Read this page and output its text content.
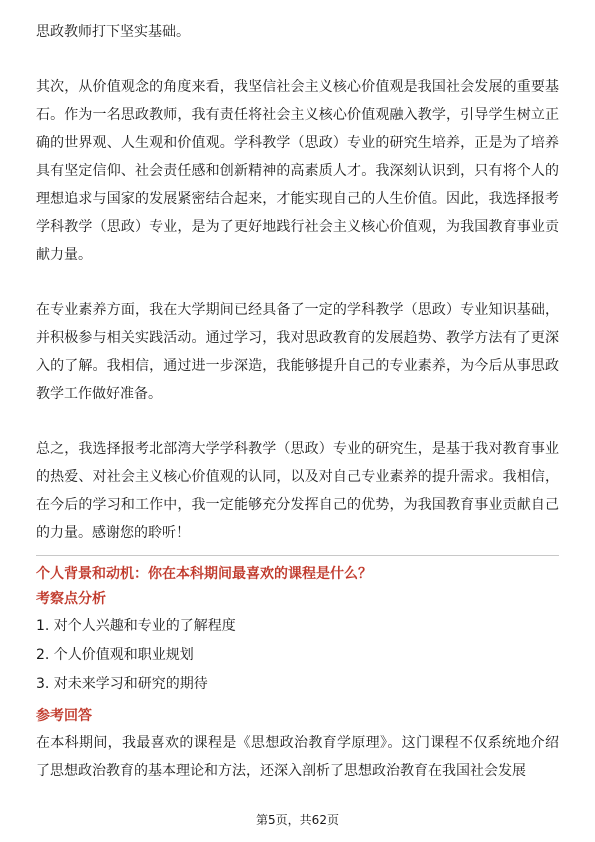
思政教师打下坚实基础。

其次，从价值观念的角度来看，我坚信社会主义核心价值观是我国社会发展的重要基石。作为一名思政教师，我有责任将社会主义核心价值观融入教学，引导学生树立正确的世界观、人生观和价值观。学科教学（思政）专业的研究生培养，正是为了培养具有坚定信仰、社会责任感和创新精神的高素质人才。我深刻认识到，只有将个人的理想追求与国家的发展紧密结合起来，才能实现自己的人生价值。因此，我选择报考学科教学（思政）专业，是为了更好地践行社会主义核心价值观，为我国教育事业贡献力量。

在专业素养方面，我在大学期间已经具备了一定的学科教学（思政）专业知识基础，并积极参与相关实践活动。通过学习，我对思政教育的发展趋势、教学方法有了更深入的了解。我相信，通过进一步深造，我能够提升自己的专业素养，为今后从事思政教学工作做好准备。

总之，我选择报考北部湾大学学科教学（思政）专业的研究生，是基于我对教育事业的热爱、对社会主义核心价值观的认同，以及对自己专业素养的提升需求。我相信，在今后的学习和工作中，我一定能够充分发挥自己的优势，为我国教育事业贡献自己的力量。感谢您的聆听！

个人背景和动机：你在本科期间最喜欢的课程是什么？

考察点分析

1. 对个人兴趣和专业的了解程度

2. 个人价值观和职业规划

3. 对未来学习和研究的期待

参考回答

在本科期间，我最喜欢的课程是《思想政治教育学原理》。这门课程不仅系统地介绍了思想政治教育的基本理论和方法，还深入剖析了思想政治教育在我国社会发展

第5页，共62页
